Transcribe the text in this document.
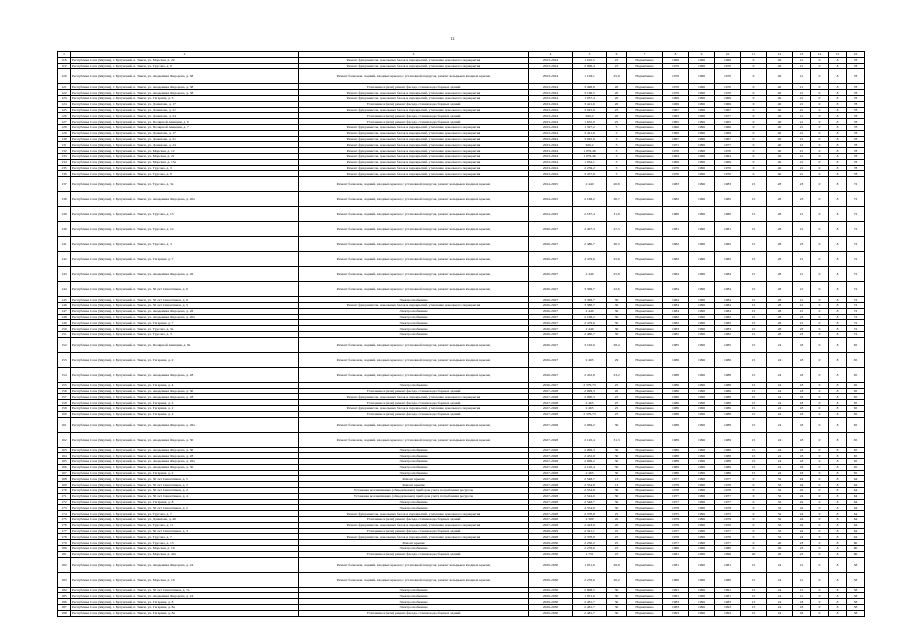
12
1	2	3	4	5	6	7	8	9	10	11	12	13	14	15	16
118	Республика Саха (Якутия), г. Булунский, п. Тикси, ул. Морская, д. 20	Ремонт фундаментов, цокольных балок и перекрытий, утепление цокольного перекрытия	2023-2024	1 010,5	25	Нормативно	1969	1996	1969	0	40	21	0	8	78
119	Республика Саха (Якутия), г. Булунский, п. Тикси, ул. Трусова, д. 9	Ремонт фундаментов, цокольных балок и перекрытий, утепление цокольного перекрытия	2023-2024	2 996,4	25	Нормативно	1970	1996	1970	0	40	21	0	8	78
120	Республика Саха (Якутия), г. Булунский, п. Тикси, ул. Академика Федорова, д. 38	Ремонт балконов, лоджий, входных крылец с установкой пандусов, ремонт козырьков входных крылец	2023-2024	1 109,1	25,8	Нормативно	1970	1996	1970	0	40	21	0	8	78
121	Республика Саха (Якутия), г. Булунский, п. Тикси, ул. Академика Федорова, д. 38	Утепление и (или) ремонт фасада, ставни водосборных зданий	2023-2024	3 498,8	20	Нормативно	1970	1996	1970	0	40	21	0	8	78
122	Республика Саха (Якутия), г. Булунский, п. Тикси, ул. Академика Федорова, д. 38	Ремонт фундаментов, цокольных балок и перекрытий, утепление цокольного перекрытия	2023-2024	3 166,5	20	Нормативно	1970	1996	1970	0	40	21	0	8	78
123	Республика Саха (Якутия), г. Булунский, п. Тикси, ул. Гагарина, д. 3	Ремонт фундаментов, цокольных балок и перекрытий, утепление цокольного перекрытия	2023-2024	1 037,4	20	Нормативно	1969	1996	1969	0	40	21	0	8	78
124	Республика Саха (Якутия), г. Булунский, п. Тикси, ул. Данилова, д. 17	Утепление и (или) ремонт фасада, ставни водосборных зданий	2023-2024	3 421,6	20	Нормативно	1969	1996	1969	0	40	21	0	8	78
125	Республика Саха (Якутия), г. Булунский, п. Тикси, ул. Данилова, д. 21	Ремонт фундаментов, цокольных балок и перекрытий, утепление цокольного перекрытия	2023-2024	3 045,9	25	Нормативно	1967	1996	1967	0	40	21	0	8	78
126	Республика Саха (Якутия), г. Булунский, п. Тикси, ул. Данилова, д. 24	Утепление и (или) ремонт фасада, ставни водосборных зданий	2023-2024	626,2	20	Нормативно	1963	1996	1977	0	40	21	0	8	78
127	Республика Саха (Якутия), г. Булунский, п. Тикси, ул. Полярной Авиации, д. 6	Утепление и (или) ремонт фасада, ставни водосборных зданий	2023-2024	1 652,9	25	Нормативно	1965	1996	1965	0	40	21	0	8	78
128	Республика Саха (Якутия), г. Булунский, п. Тикси, ул. Полярной Авиации, д. 7	Ремонт фундаментов, цокольных балок и перекрытий, утепление цокольного перекрытия	2023-2024	1 327,2	5	Нормативно	1966	1996	1966	0	40	21	0	8	78
129	Республика Саха (Якутия), г. Булунский, п. Тикси, ул. Данилова, д. 17	Ремонт фундаментов, цокольных балок и перекрытий, утепление цокольного перекрытия	2023-2024	3 421,6	5	Нормативно	1969	1996	1969	0	40	21	0	8	78
130	Республика Саха (Якутия), г. Булунский, п. Тикси, ул. Данилова, д. 21	Ремонт фундаментов, цокольных балок и перекрытий, утепление цокольного перекрытия	2023-2024	3 045,9	5	Нормативно	1967	1996	1967	0	40	21	0	8	78
131	Республика Саха (Якутия), г. Булунский, п. Тикси, ул. Данилова, д. 24	Ремонт фундаментов, цокольных балок и перекрытий, утепление цокольного перекрытия	2023-2024	626,2	5	Нормативно	1971	1996	1977	0	40	21	0	8	78
132	Республика Саха (Якутия), г. Булунский, п. Тикси, ул. Морская, д. 12	Ремонт фундаментов, цокольных балок и перекрытий, утепление цокольного перекрытия	2023-2024	1 076,46	5	Нормативно	1970	1996	1970	0	40	21	0	8	78
133	Республика Саха (Якутия), г. Булунский, п. Тикси, ул. Морская, д. 21	Ремонт фундаментов, цокольных балок и перекрытий, утепление цокольного перекрытия	2023-2024	1 079,46	5	Нормативно	1964	1996	1964	0	40	21	0	8	78
134	Республика Саха (Якутия), г. Булунский, п. Тикси, ул. Морская, д. 15а	Ремонт фундаментов, цокольных балок и перекрытий, утепление цокольного перекрытия	2023-2024	1 034,1	5	Нормативно	1969	1996	1969	0	40	21	0	8	78
135	Республика Саха (Якутия), г. Булунский, п. Тикси, ул. Трусова, д. 3	Ремонт фундаментов, цокольных балок и перекрытий, утепление цокольного перекрытия	2023-2024	2 259,2	5	Нормативно	1970	1996	1970	0	40	21	0	8	78
136	Республика Саха (Якутия), г. Булунский, п. Тикси, ул. Трусова, д. 8	Ремонт фундаментов, цокольных балок и перекрытий, утепление цокольного перекрытия	2023-2024	3 457,8	5	Нормативно	1970	1996	1970	0	40	21	0	8	78
137	Республика Саха (Якутия), г. Булунский, п. Тикси, ул. Трусова, д. 3а	Ремонт балконов, лоджий, входных крылец с установкой пандусов, ремонт козырьков входных крылец	2024-2025	2 440	26,8	Нормативно	1983	1996	1983	15	28	23	0	8	72
138	Республика Саха (Якутия), г. Булунский, п. Тикси, ул. Академика Федорова, д. 20а	Ремонт балконов, лоджий, входных крылец с установкой пандусов, ремонт козырьков входных крылец	2024-2025	2 168,2	30,7	Нормативно	1982	1996	1982	15	28	23	0	8	72
139	Республика Саха (Якутия), г. Булунский, п. Тикси, ул. Трусова, д. 13	Ремонт балконов, лоджий, входных крылец с установкой пандусов, ремонт козырьков входных крылец	2024-2025	2 187,4	31,8	Нормативно	1980	1996	1980	15	28	21	0	8	72
140	Республика Саха (Якутия), г. Булунский, п. Тикси, ул. Трусова, д. 14	Ремонт балконов, лоджий, входных крылец с установкой пандусов, ремонт козырьков входных крылец	2026-2027	2 407,3	27,3	Нормативно	1981	1996	1981	15	28	21	0	8	72
141	Республика Саха (Якутия), г. Булунский, п. Тикси, ул. Трусова, д. 3	Ремонт балконов, лоджий, входных крылец с установкой пандусов, ремонт козырьков входных крылец	2026-2027	2 480,7	30,3	Нормативно	1982	1996	1982	15	28	23	0	8	72
142	Республика Саха (Якутия), г. Булунский, п. Тикси, ул. Гагарина, д. 7	Ремонт балконов, лоджий, входных крылец с установкой пандусов, ремонт козырьков входных крылец	2026-2027	2 479,6	25,8	Нормативно	1982	1996	1982	15	28	21	0	8	72
143	Республика Саха (Якутия), г. Булунский, п. Тикси, ул. Академика Федорова, д. 26	Ремонт балконов, лоджий, входных крылец с установкой пандусов, ремонт козырьков входных крылец	2026-2027	2 440	25,8	Нормативно	1984	1996	1984	15	28	21	0	8	72
144	Республика Саха (Якутия), г. Булунский, п. Тикси, ул. 50 лет Синоптиков, д. 6	Ремонт балконов, лоджий, входных крылец с установкой пандусов, ремонт козырьков входных крылец	2026-2027	3 369,7	22,6	Нормативно	1984	1996	1984	15	28	21	0	8	72
145	Республика Саха (Якутия), г. Булунский, п. Тикси, ул. 50 лет Синоптиков, д. 6	Электроснабжение	2026-2027	3 369,7	30	Нормативно	1984	1996	1984	15	28	21	0	8	72
146	Республика Саха (Якутия), г. Булунский, п. Тикси, ул. 50 лет Синоптиков, д. 5	Ремонт фундаментов, цокольных балок и перекрытий, утепление цокольного перекрытия	2026-2027	3 388,7	30	Нормативно	1984	1996	1984	15	28	21	0	8	72
147	Республика Саха (Якутия), г. Булунский, п. Тикси, ул. Академика Федорова, д. 26	Электроснабжение	2026-2027	2 440	30	Нормативно	1984	1996	1984	15	28	21	0	8	72
148	Республика Саха (Якутия), г. Булунский, п. Тикси, ул. Академика Федорова, д. 20а	Электроснабжение	2026-2027	2 168,2	30	Нормативно	1982	1996	1982	15	28	23	0	8	72
149	Республика Саха (Якутия), г. Булунский, п. Тикси, ул. Гагарина, д. 7	Электроснабжение	2026-2027	2 479,6	30	Нормативно	1982	1996	1982	15	28	21	0	8	72
150	Республика Саха (Якутия), г. Булунский, п. Тикси, ул. Трусова, д. 3а	Электроснабжение	2026-2027	2 440	30	Нормативно	1983	1996	1983	15	28	23	0	8	72
151	Республика Саха (Якутия), г. Булунский, п. Тикси, ул. Трусова, д. 3	Электроснабжение	2026-2027	2 480,7	30	Нормативно	1982	1996	1982	15	28	23	0	8	72
152	Республика Саха (Якутия), г. Булунский, п. Тикси, ул. Полярной Авиации, д. 8а	Ремонт балконов, лоджий, входных крылец с установкой пандусов, ремонт козырьков входных крылец	2026-2027	3 162,6	28,4	Нормативно	1985	1996	1985	15	24	18	0	8	65
153	Республика Саха (Якутия), г. Булунский, п. Тикси, ул. Гагарина, д. 2	Ремонт балконов, лоджий, входных крылец с установкой пандусов, ремонт козырьков входных крылец	2026-2027	2 465	29	Нормативно	1986	1996	1986	15	24	18	0	8	65
154	Республика Саха (Якутия), г. Булунский, п. Тикси, ул. Академика Федорова, д. 28	Ремонт балконов, лоджий, входных крылец с установкой пандусов, ремонт козырьков входных крылец	2026-2027	2 452,8	23,2	Нормативно	1988	1996	1988	15	24	18	0	8	65
155	Республика Саха (Якутия), г. Булунский, п. Тикси, ул. Гагарина, д. 4	Электроснабжение	2026-2027	2 379,73	25	Нормативно	1986	1996	1988	15	24	18	0	8	65
156	Республика Саха (Якутия), г. Булунский, п. Тикси, ул. Академика Федорова, д. 30	Утепление и (или) ремонт фасада, ставни водосборных зданий	2027-2028	2 099,3	20	Нормативно	1986	1996	1986	15	24	18	0	8	65
157	Республика Саха (Якутия), г. Булунский, п. Тикси, ул. Академика Федорова, д. 28	Ремонт фундаментов, цокольных балок и перекрытий, утепление цокольного перекрытия	2027-2028	2 090,3	25	Нормативно	1986	1996	1988	15	24	18	0	8	65
158	Республика Саха (Якутия), г. Булунский, п. Тикси, ул. Гагарина, д. 2	Утепление и (или) ремонт фасада, ставни водосборных зданий	2027-2028	2 465	25	Нормативно	1986	1996	1986	15	24	18	0	8	65
159	Республика Саха (Якутия), г. Булунский, п. Тикси, ул. Гагарина, д. 2	Ремонт фундаментов, цокольных балок и перекрытий, утепление цокольного перекрытия	2027-2028	2 465	25	Нормативно	1986	1996	1986	15	24	18	0	8	65
160	Республика Саха (Якутия), г. Булунский, п. Тикси, ул. Гагарина, д. 4	Утепление и (или) ремонт фасада, ставни водосборных зданий	2027-2028	2 379,73	25	Нормативно	1988	1996	1988	15	24	18	0	8	65
161	Республика Саха (Якутия), г. Булунский, п. Тикси, ул. Академика Федорова, д. 26а	Ремонт балконов, лоджий, входных крылец с установкой пандусов, ремонт козырьков входных крылец	2027-2028	2 069,2	30	Нормативно	1988	1996	1988	15	24	18	0	8	65
162	Республика Саха (Якутия), г. Булунский, п. Тикси, ул. Академика Федорова, д. 30	Ремонт балконов, лоджий, входных крылец с установкой пандусов, ремонт козырьков входных крылец	2027-2028	2 120,4	31,3	Нормативно	1989	1996	1989	15	24	18	0	8	65
163	Республика Саха (Якутия), г. Булунский, п. Тикси, ул. Академика Федорова, д. 30	Электроснабжение	2027-2028	2 099,3	30	Нормативно	1986	1996	1986	15	24	18	0	8	65
164	Республика Саха (Якутия), г. Булунский, п. Тикси, ул. Академика Федорова, д. 28	Электроснабжение	2027-2028	2 452,8	30	Нормативно	1988	1996	1988	15	24	18	0	8	65
165	Республика Саха (Якутия), г. Булунский, п. Тикси, ул. Академика Федорова, д. 26а	Электроснабжение	2027-2028	2 069,2	30	Нормативно	1988	1996	1988	15	24	18	0	8	65
166	Республика Саха (Якутия), г. Булунский, п. Тикси, ул. Академика Федорова, д. 30	Электроснабжение	2027-2028	2 120,4	30	Нормативно	1989	1996	1989	15	24	18	0	8	65
167	Республика Саха (Якутия), г. Булунский, п. Тикси, ул. Гагарина, д. 2	Электроснабжение	2027-2028	2 465	30	Нормативно	1986	1996	1986	15	24	18	0	8	65
168	Республика Саха (Якутия), г. Булунский, п. Тикси, ул. 50 лет Синоптиков, д. 5	Ремонт крыши	2027-2028	2 548,7	13	Нормативно	1977	1996	1977	0	32	24	0	8	64
169	Республика Саха (Якутия), г. Булунский, п. Тикси, ул. 50 лет Синоптиков, д. 2	Ремонт крыши	2027-2028	2 554,8	13	Нормативно	1978	1996	1978	0	32	24	0	8	64
170	Республика Саха (Якутия), г. Булунский, п. Тикси, ул. 50 лет Синоптиков, д. 2	Установка коллективных (общедомовых) приборов учета потребления ресурсов	2027-2028	2 554,8	30	Нормативно	1978	1996	1978	0	32	24	0	8	64
171	Республика Саха (Якутия), г. Булунский, п. Тикси, ул. 50 лет Синоптиков, д. 4	Установка коллективных (общедомовых) приборов учета потребления ресурсов	2027-2028	2 524,0	30	Нормативно	1977	1996	1977	0	32	24	0	8	64
172	Республика Саха (Якутия), г. Булунский, п. Тикси, ул. Гагарина, д. 8	Электроснабжение	2027-2028	2 548,7	30	Нормативно	1977	1996	1977	0	32	24	0	8	64
173	Республика Саха (Якутия), г. Булунский, п. Тикси, ул. 50 лет Синоптиков, д. 2	Электроснабжение	2027-2028	2 554,8	30	Нормативно	1978	1996	1978	0	32	24	0	8	64
174	Республика Саха (Якутия), г. Булунский, п. Тикси, ул. Трусова, д. 7	Ремонт фундаментов, цокольных балок и перекрытий, утепление цокольного перекрытия	2027-2028	2 378,8	25	Нормативно	1975	1996	1975	0	32	24	0	8	64
175	Республика Саха (Якутия), г. Булунский, п. Тикси, ул. Данилова, д. 40	Утепление и (или) ремонт фасада, ставни водосборных зданий	2027-2028	2 300	20	Нормативно	1979	1996	1979	0	32	24	0	8	64
176	Республика Саха (Якутия), г. Булунский, п. Тикси, ул. Трусова, д. 11	Ремонт фундаментов, цокольных балок и перекрытий, утепление цокольного перекрытия	2027-2028	2 423,9	20	Нормативно	1976	1996	1976	0	32	24	0	8	64
177	Республика Саха (Якутия), г. Булунский, п. Тикси, ул. 50 лет Синоптиков, д. 3	Утепление и (или) ремонт фасада, ставни водосборных зданий	2028-2029	2 321,1	10	Нормативно	1977	1996	1977	0	32	24	0	8	64
178	Республика Саха (Якутия), г. Булунский, п. Тикси, ул. Трусова, д. 7	Ремонт фундаментов, цокольных балок и перекрытий, утепление цокольного перекрытия	2027-2028	2 378,8	25	Нормативно	1976	1996	1976	0	32	24	0	8	64
179	Республика Саха (Якутия), г. Булунский, п. Тикси, ул. Трусова, д. 13	Ремонт крыши	2029-2030	2 230,2	25	Нормативно	1977	1996	1977	0	40	23	0	8	60
180	Республика Саха (Якутия), г. Булунский, п. Тикси, ул. Морская, д. 16	Электроснабжение	2029-2030	2 276,6	25	Нормативно	1980	1996	1980	0	40	23	0	8	60
181	Республика Саха (Якутия), г. Булунский, п. Тикси, ул. Морская, д. 42а	Утепление и (или) ремонт фасада, ставни водосборных зданий	2029-2030	1 731	25	Нормативно	1981	1996	1996	20	20	23	0	8	60
182	Республика Саха (Якутия), г. Булунский, п. Тикси, ул. Академика Федорова, д. 24	Ремонт балконов, лоджий, входных крылец с установкой пандусов, ремонт козырьков входных крылец	2029-2030	1 951,6	28,8	Нормативно	1981	1996	1981	15	24	21	0	8	58
183	Республика Саха (Якутия), г. Булунский, п. Тикси, ул. Морская, д. 16	Ремонт балконов, лоджий, входных крылец с установкой пандусов, ремонт козырьков входных крылец	2029-2030	2 276,6	26,2	Нормативно	1980	1996	1980	15	24	21	0	8	58
184	Республика Саха (Якутия), г. Булунский, п. Тикси, ул. 50 лет Синоптиков, д. 7а	Электроснабжение	2029-2030	2 808,5	30	Нормативно	1991	1996	1991	15	24	15	0	8	58
185	Республика Саха (Якутия), г. Булунский, п. Тикси, ул. Академика Федорова, д. 24	Электроснабжение	2029-2030	1 951,6	30	Нормативно	1981	1996	1981	15	24	21	0	8	58
186	Республика Саха (Якутия), г. Булунский, п. Тикси, ул. Гагарина, д. 8	Электроснабжение	2029-2030	2 481,7	30	Нормативно	1983	1996	1983	15	24	18	0	8	58
187	Республика Саха (Якутия), г. Булунский, п. Тикси, ул. Гагарина, д. 8а	Электроснабжение	2029-2030	2 481,7	30	Нормативно	1983	1996	1993	15	24	18	0	8	58
188	Республика Саха (Якутия), г. Булунский, п. Тикси, ул. Гагарина, д. 8а	Утепление и (или) ремонт фасада, ставни водосборных зданий	2029-2030	2 481,7	30	Нормативно	1993	1996	1993	15	24	18	0	8	58
